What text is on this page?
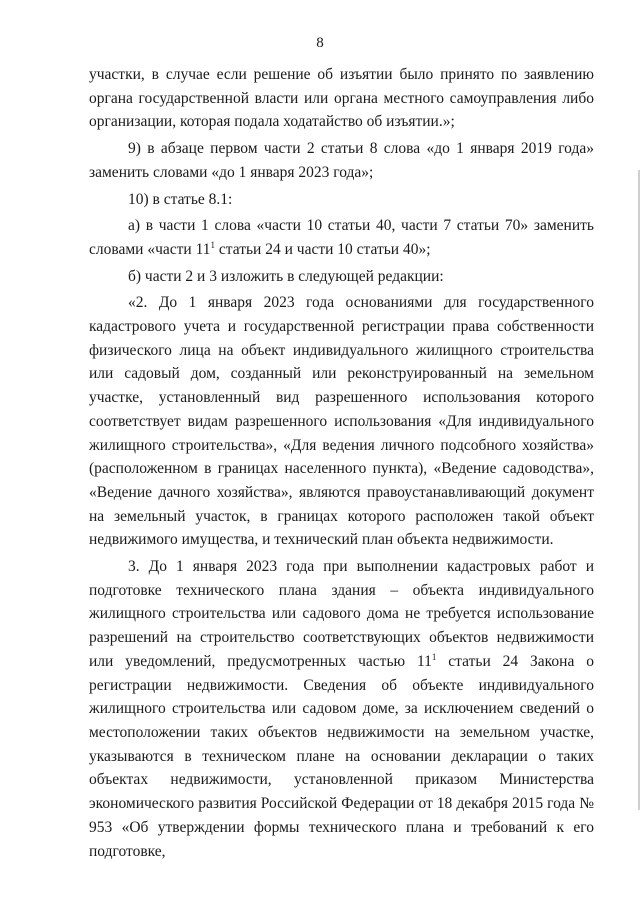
8

участки, в случае если решение об изъятии было принято по заявлению органа государственной власти или органа местного самоуправления либо организации, которая подала ходатайство об изъятии.»;

9) в абзаце первом части 2 статьи 8 слова «до 1 января 2019 года» заменить словами «до 1 января 2023 года»;

10) в статье 8.1:

а) в части 1 слова «части 10 статьи 40, части 7 статьи 70» заменить словами «части $11^1$ статьи 24 и части 10 статьи 40»;

б) части 2 и 3 изложить в следующей редакции:

«2. До 1 января 2023 года основаниями для государственного кадастрового учета и государственной регистрации права собственности физического лица на объект индивидуального жилищного строительства или садовый дом, созданный или реконструированный на земельном участке, установленный вид разрешенного использования которого соответствует видам разрешенного использования «Для индивидуального жилищного строительства», «Для ведения личного подсобного хозяйства» (расположенном в границах населенного пункта), «Ведение садоводства», «Ведение дачного хозяйства», являются правоустанавливающий документ на земельный участок, в границах которого расположен такой объект недвижимого имущества, и технический план объекта недвижимости.

3. До 1 января 2023 года при выполнении кадастровых работ и подготовке технического плана здания – объекта индивидуального жилищного строительства или садового дома не требуется использование разрешений на строительство соответствующих объектов недвижимости или уведомлений, предусмотренных частью $11^1$ статьи 24 Закона о регистрации недвижимости. Сведения об объекте индивидуального жилищного строительства или садовом доме, за исключением сведений о местоположении таких объектов недвижимости на земельном участке, указываются в техническом плане на основании декларации о таких объектах недвижимости, установленной приказом Министерства экономического развития Российской Федерации от 18 декабря 2015 года № 953 «Об утверждении формы технического плана и требований к его подготовке,
